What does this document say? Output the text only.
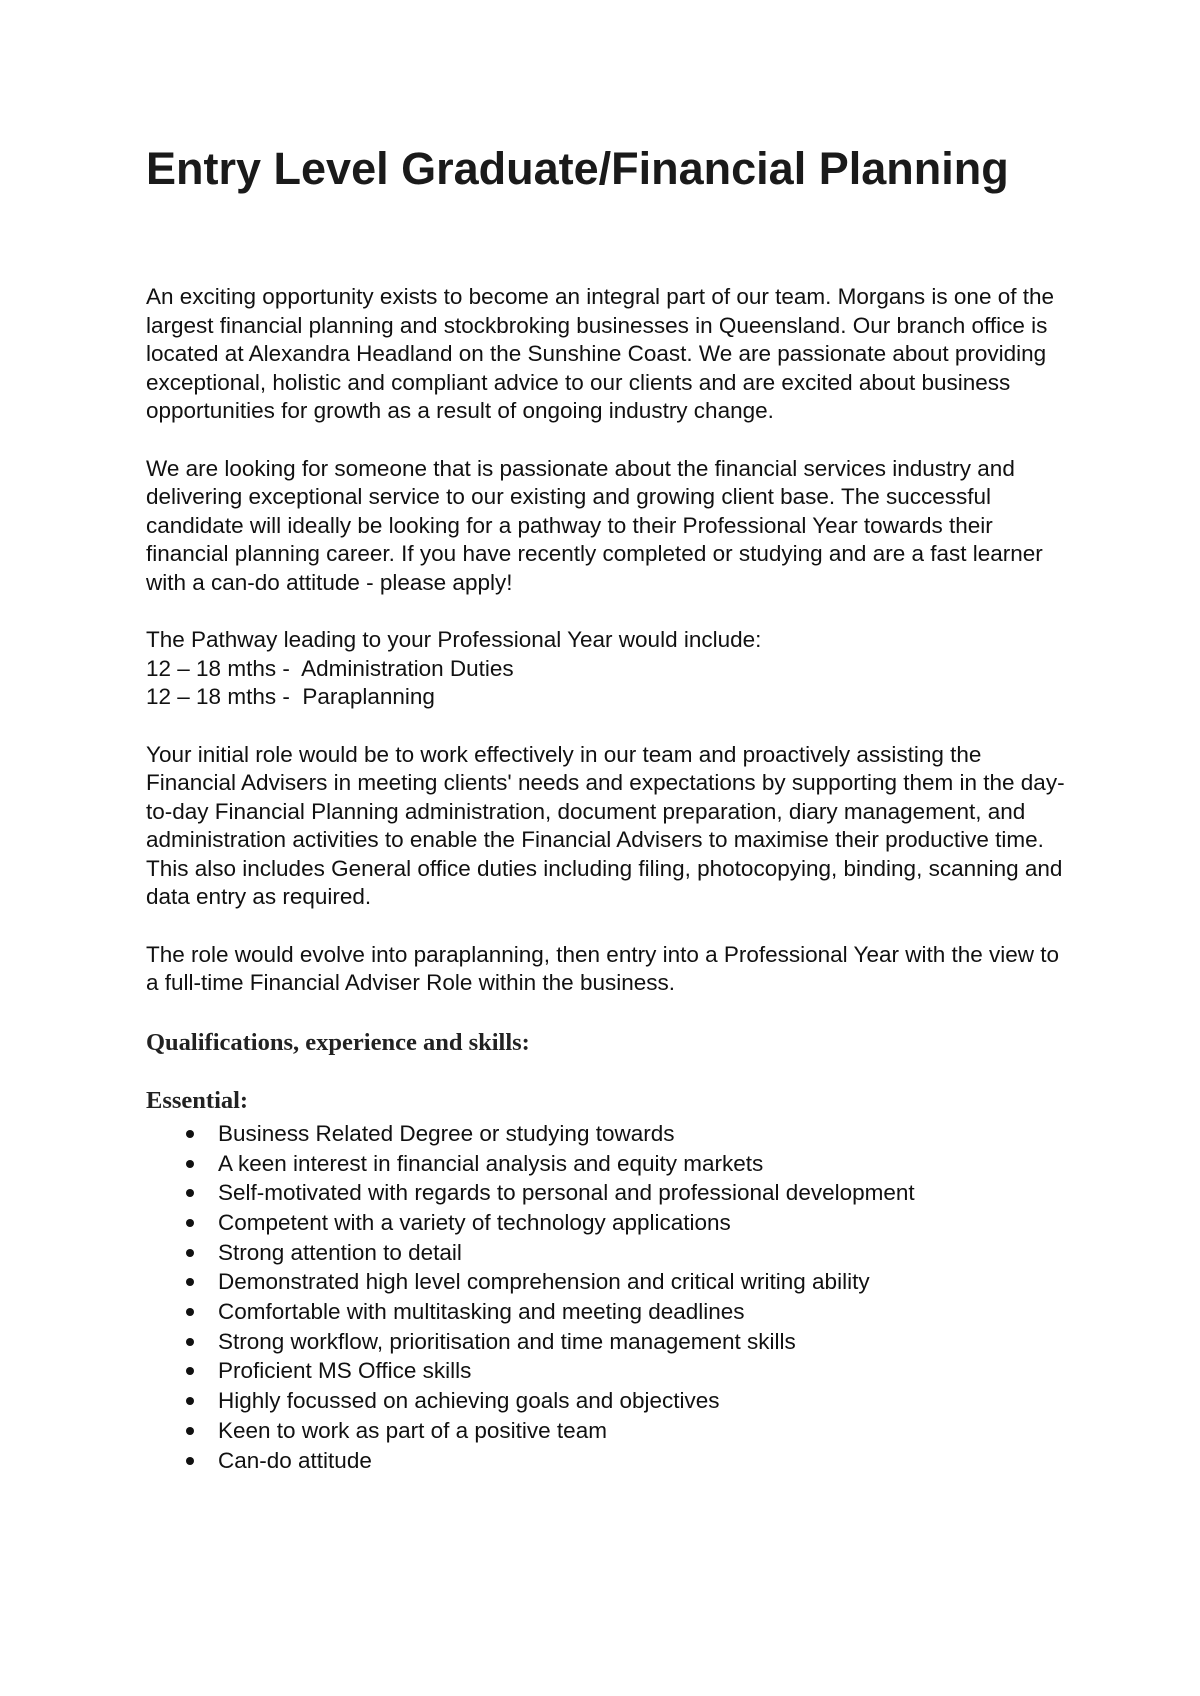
Entry Level Graduate/Financial Planning

An exciting opportunity exists to become an integral part of our team. Morgans is one of the largest financial planning and stockbroking businesses in Queensland. Our branch office is located at Alexandra Headland on the Sunshine Coast. We are passionate about providing exceptional, holistic and compliant advice to our clients and are excited about business opportunities for growth as a result of ongoing industry change.

We are looking for someone that is passionate about the financial services industry and delivering exceptional service to our existing and growing client base. The successful candidate will ideally be looking for a pathway to their Professional Year towards their financial planning career. If you have recently completed or studying and are a fast learner with a can-do attitude - please apply!

The Pathway leading to your Professional Year would include:
12 – 18 mths -  Administration Duties
12 – 18 mths -  Paraplanning

Your initial role would be to work effectively in our team and proactively assisting the Financial Advisers in meeting clients' needs and expectations by supporting them in the day-to-day Financial Planning administration, document preparation, diary management, and administration activities to enable the Financial Advisers to maximise their productive time. This also includes General office duties including filing, photocopying, binding, scanning and data entry as required.

The role would evolve into paraplanning, then entry into a Professional Year with the view to a full-time Financial Adviser Role within the business.

Qualifications, experience and skills:
Essential:
Business Related Degree or studying towards
A keen interest in financial analysis and equity markets
Self-motivated with regards to personal and professional development
Competent with a variety of technology applications
Strong attention to detail
Demonstrated high level comprehension and critical writing ability
Comfortable with multitasking and meeting deadlines
Strong workflow, prioritisation and time management skills
Proficient MS Office skills
Highly focussed on achieving goals and objectives
Keen to work as part of a positive team
Can-do attitude
